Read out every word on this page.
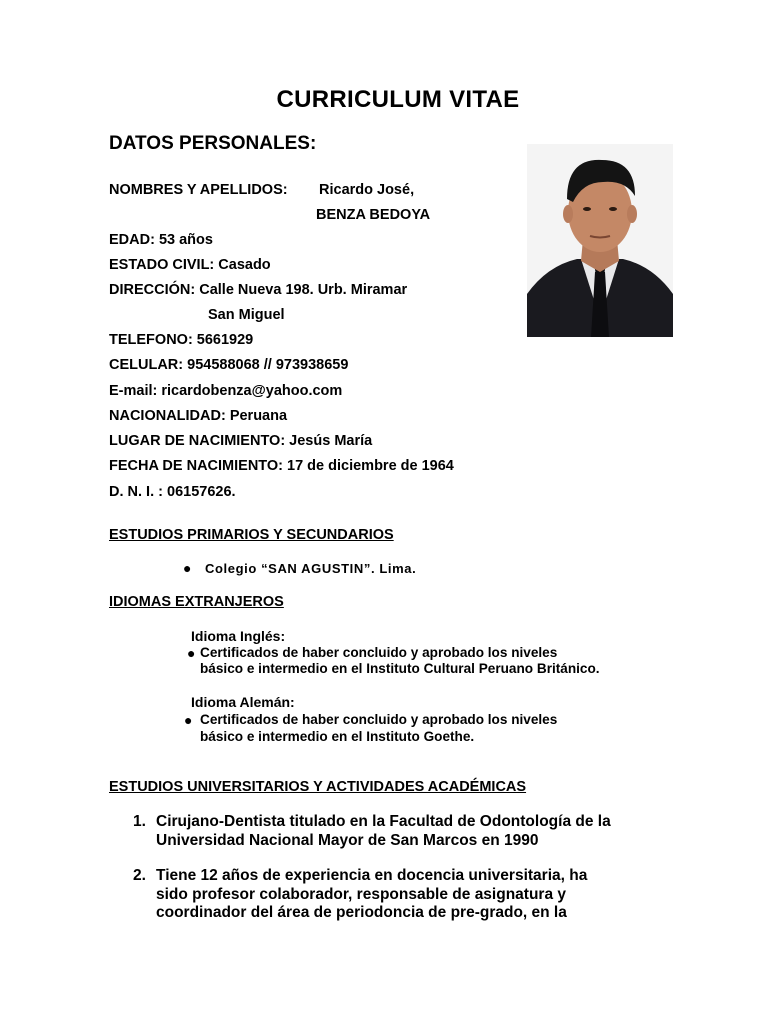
CURRICULUM VITAE
DATOS PERSONALES:
NOMBRES Y APELLIDOS: Ricardo José,
BENZA BEDOYA
EDAD: 53 años
ESTADO CIVIL: Casado
DIRECCIÓN: Calle Nueva 198. Urb. Miramar
San Miguel
TELEFONO: 5661929
CELULAR: 954588068 // 973938659
E-mail: ricardobenza@yahoo.com
NACIONALIDAD: Peruana
LUGAR DE NACIMIENTO: Jesús María
FECHA DE NACIMIENTO: 17 de diciembre de 1964
D. N. I. : 06157626.
ESTUDIOS PRIMARIOS Y SECUNDARIOS
● Colegio “SAN AGUSTIN”. Lima.
IDIOMAS EXTRANJEROS
Idioma Inglés:
● Certificados de haber concluido y aprobado los niveles
básico e intermedio en el Instituto Cultural Peruano Británico.
Idioma Alemán:
● Certificados de haber concluido y aprobado los niveles
básico e intermedio en el Instituto Goethe.
ESTUDIOS UNIVERSITARIOS Y ACTIVIDADES ACADÉMICAS
1. Cirujano-Dentista titulado en la Facultad de Odontología de la
Universidad Nacional Mayor de San Marcos en 1990
2. Tiene 12 años de experiencia en docencia universitaria, ha
sido profesor colaborador, responsable de asignatura y
coordinador del área de periodoncia de pre-grado, en la
